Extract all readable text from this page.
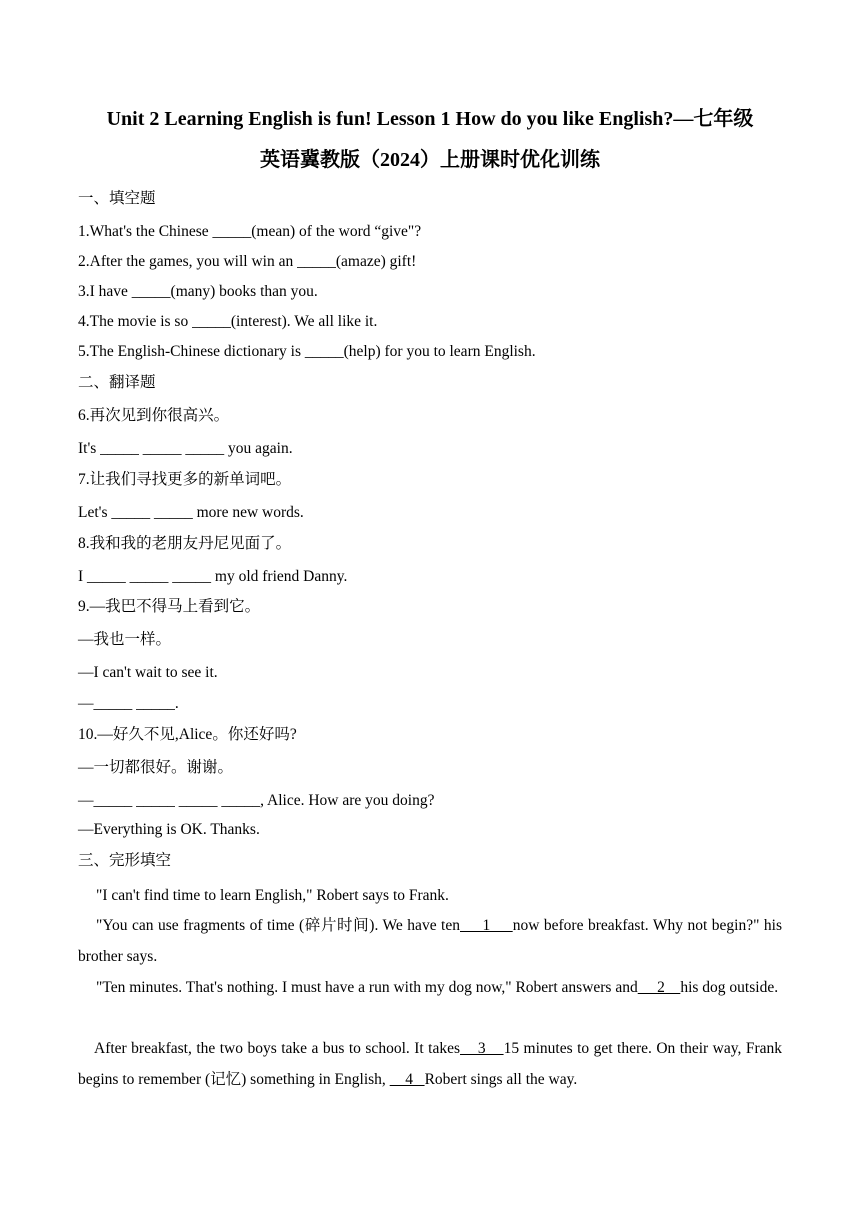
Unit 2 Learning English is fun! Lesson 1 How do you like English?—七年级
英语冀教版（2024）上册课时优化训练
一、填空题
1.What's the Chinese _____(mean) of the word “give"?
2.After the games, you will win an _____(amaze) gift!
3.I have _____(many) books than you.
4.The movie is so _____(interest). We all like it.
5.The English-Chinese dictionary is _____(help) for you to learn English.
二、翻译题
6.再次见到你很高兴。
It's _____ _____ _____ you again.
7.让我们寻找更多的新单词吧。
Let's _____ _____ more new words.
8.我和我的老朋友丹尼见面了。
I _____ _____ _____ my old friend Danny.
9.—我巴不得马上看到它。
—我也一样。
—I can't wait to see it.
—_____ _____.
10.—好久不见,Alice。你还好吗?
—一切都很好。谢谢。
—_____ _____ _____ _____, Alice. How are you doing?
—Everything is OK. Thanks.
三、完形填空
"I can't find time to learn English," Robert says to Frank.
"You can use fragments of time (碎片时间). We have ten     1     now before breakfast. Why not begin?" his brother says.
"Ten minutes. That's nothing. I must have a run with my dog now," Robert answers and     2    his dog outside.
After breakfast, the two boys take a bus to school. It takes    3    15 minutes to get there. On their way, Frank begins to remember (记忆) something in English,     4   Robert sings all the way.
